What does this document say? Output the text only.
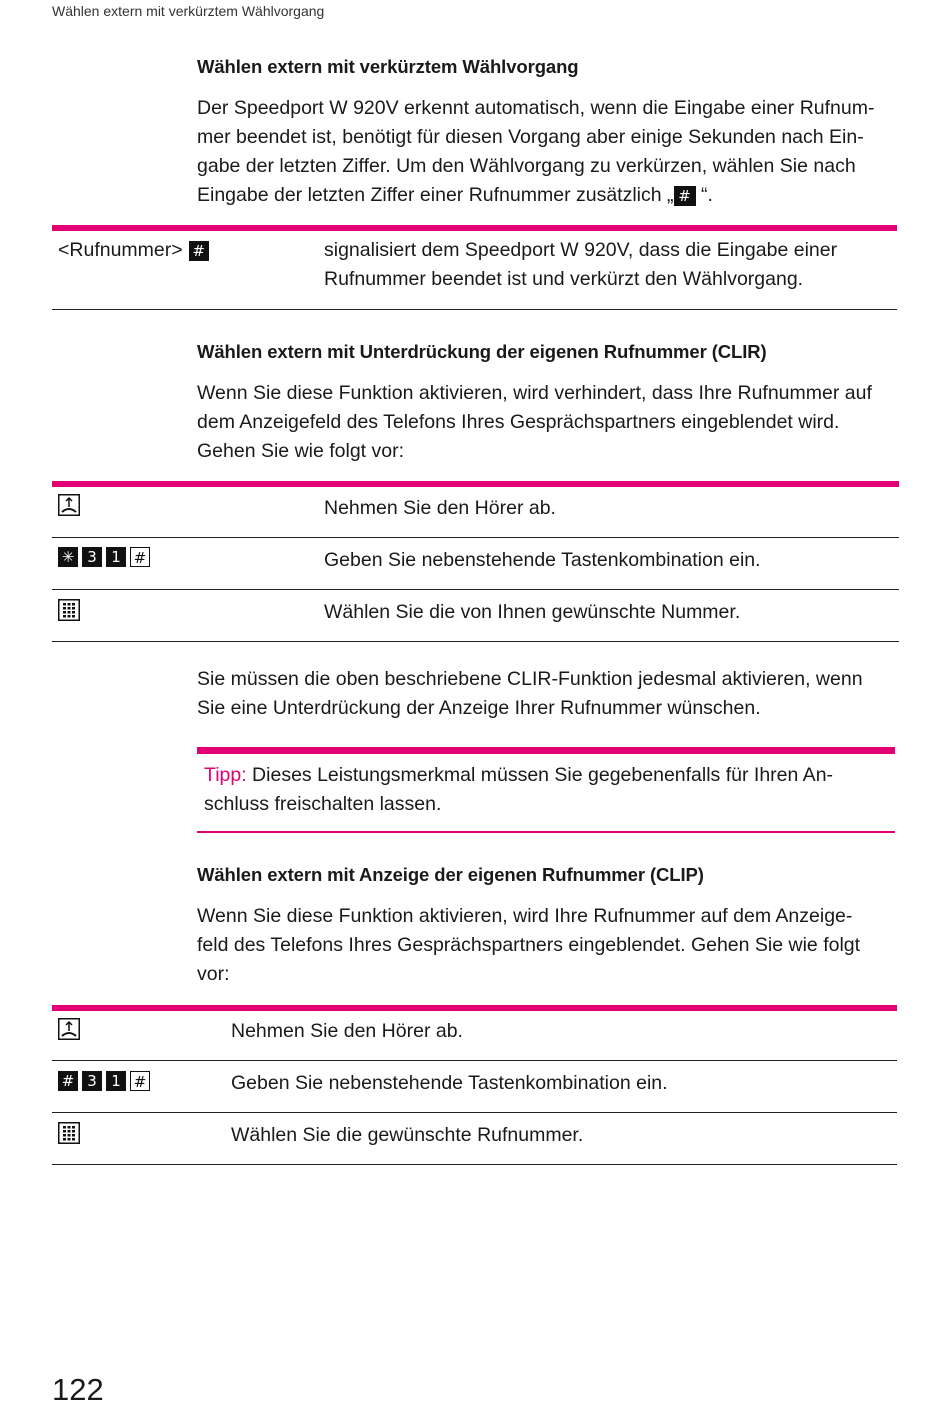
Wählen extern mit verkürztem Wählvorgang
Wählen extern mit verkürztem Wählvorgang
Der Speedport W 920V erkennt automatisch, wenn die Eingabe einer Rufnum-
mer beendet ist, benötigt für diesen Vorgang aber einige Sekunden nach Ein-
gabe der letzten Ziffer. Um den Wählvorgang zu verkürzen, wählen Sie nach
Eingabe der letzten Ziffer einer Rufnummer zusätzlich „ # “.
<Rufnummer> #	signalisiert dem Speedport W 920V, dass die Eingabe einer
Rufnummer beendet ist und verkürzt den Wählvorgang.
Wählen extern mit Unterdrückung der eigenen Rufnummer (CLIR)
Wenn Sie diese Funktion aktivieren, wird verhindert, dass Ihre Rufnummer auf
dem Anzeigefeld des Telefons Ihres Gesprächspartners eingeblendet wird.
Gehen Sie wie folgt vor:
Nehmen Sie den Hörer ab.
✳ 3 1 #	Geben Sie nebenstehende Tastenkombination ein.
Wählen Sie die von Ihnen gewünschte Nummer.
Sie müssen die oben beschriebene CLIR-Funktion jedesmal aktivieren, wenn
Sie eine Unterdrückung der Anzeige Ihrer Rufnummer wünschen.
Tipp: Dieses Leistungsmerkmal müssen Sie gegebenenfalls für Ihren An-
schluss freischalten lassen.
Wählen extern mit Anzeige der eigenen Rufnummer (CLIP)
Wenn Sie diese Funktion aktivieren, wird Ihre Rufnummer auf dem Anzeige-
feld des Telefons Ihres Gesprächspartners eingeblendet. Gehen Sie wie folgt
vor:
Nehmen Sie den Hörer ab.
# 3 1 #	Geben Sie nebenstehende Tastenkombination ein.
Wählen Sie die gewünschte Rufnummer.
122
